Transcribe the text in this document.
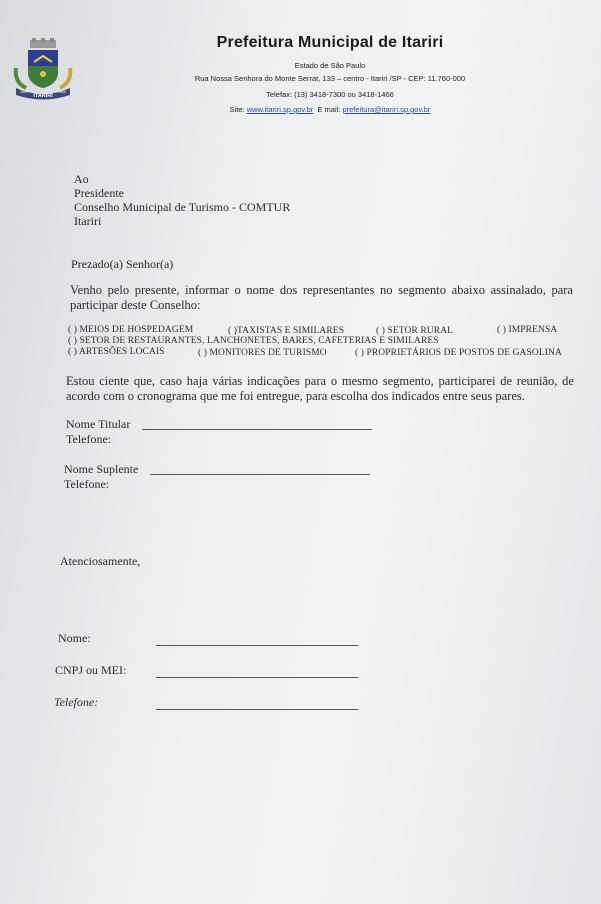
ITARIRI
1959	1960
Prefeitura Municipal de Itariri
Estado de São Paulo
Rua Nossa Senhora do Monte Serrat, 133 – centro - Itariri /SP - CEP: 11.760-000
Telefax: (13) 3418-7300 ou 3418-1466
Site: www.itariri.sp.gov.br E mail: prefeitura@itariri.sp.gov.br
Ao
Presidente
Conselho Municipal de Turismo - COMTUR
Itariri
Prezado(a) Senhor(a)
Venho pelo presente, informar o nome dos representantes no segmento abaixo assinalado, para participar deste Conselho:
( ) MEIOS DE HOSPEDAGEM	( )TAXISTAS E SIMILARES	( ) SETOR RURAL	( ) IMPRENSA
( ) SETOR DE RESTAURANTES, LANCHONETES, BARES, CAFETERIAS E SIMILARES
( ) ARTESÕES LOCAIS	( ) MONITORES DE TURISMO	( ) PROPRIETÁRIOS DE POSTOS DE GASOLINA
Estou ciente que, caso haja várias indicações para o mesmo segmento, participarei de reunião, de acordo com o cronograma que me foi entregue, para escolha dos indicados entre seus pares.
Nome Titular
Telefone:
Nome Suplente
Telefone:
Atenciosamente,
Nome:
CNPJ ou MEI:
Telefone:
